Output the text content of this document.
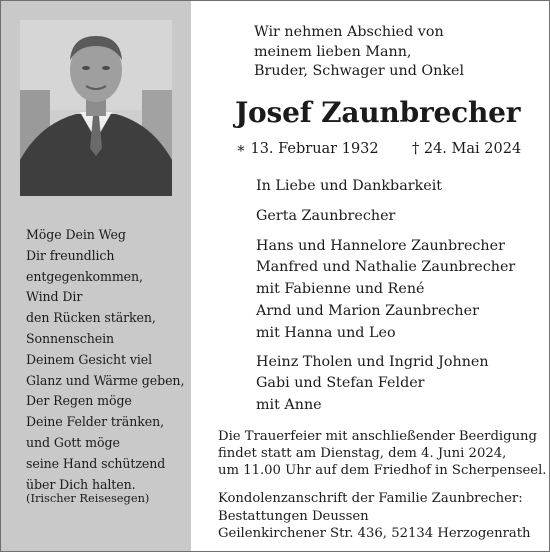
Möge Dein Weg
Dir freundlich
entgegenkommen,
Wind Dir
den Rücken stärken,
Sonnenschein
Deinem Gesicht viel
Glanz und Wärme geben,
Der Regen möge
Deine Felder tränken,
und Gott möge
seine Hand schützend
über Dich halten.
(Irischer Reisesegen)
Wir nehmen Abschied von
meinem lieben Mann,
Bruder, Schwager und Onkel
Josef Zaunbrecher
∗ 13. Februar 1932 † 24. Mai 2024
In Liebe und Dankbarkeit
Gerta Zaunbrecher
Hans und Hannelore Zaunbrecher
Manfred und Nathalie Zaunbrecher
mit Fabienne und René
Arnd und Marion Zaunbrecher
mit Hanna und Leo
Heinz Tholen und Ingrid Johnen
Gabi und Stefan Felder
mit Anne
Die Trauerfeier mit anschließender Beerdigung
findet statt am Dienstag, dem 4. Juni 2024,
um 11.00 Uhr auf dem Friedhof in Scherpenseel.
Kondolenzanschrift der Familie Zaunbrecher:
Bestattungen Deussen
Geilenkirchener Str. 436, 52134 Herzogenrath
